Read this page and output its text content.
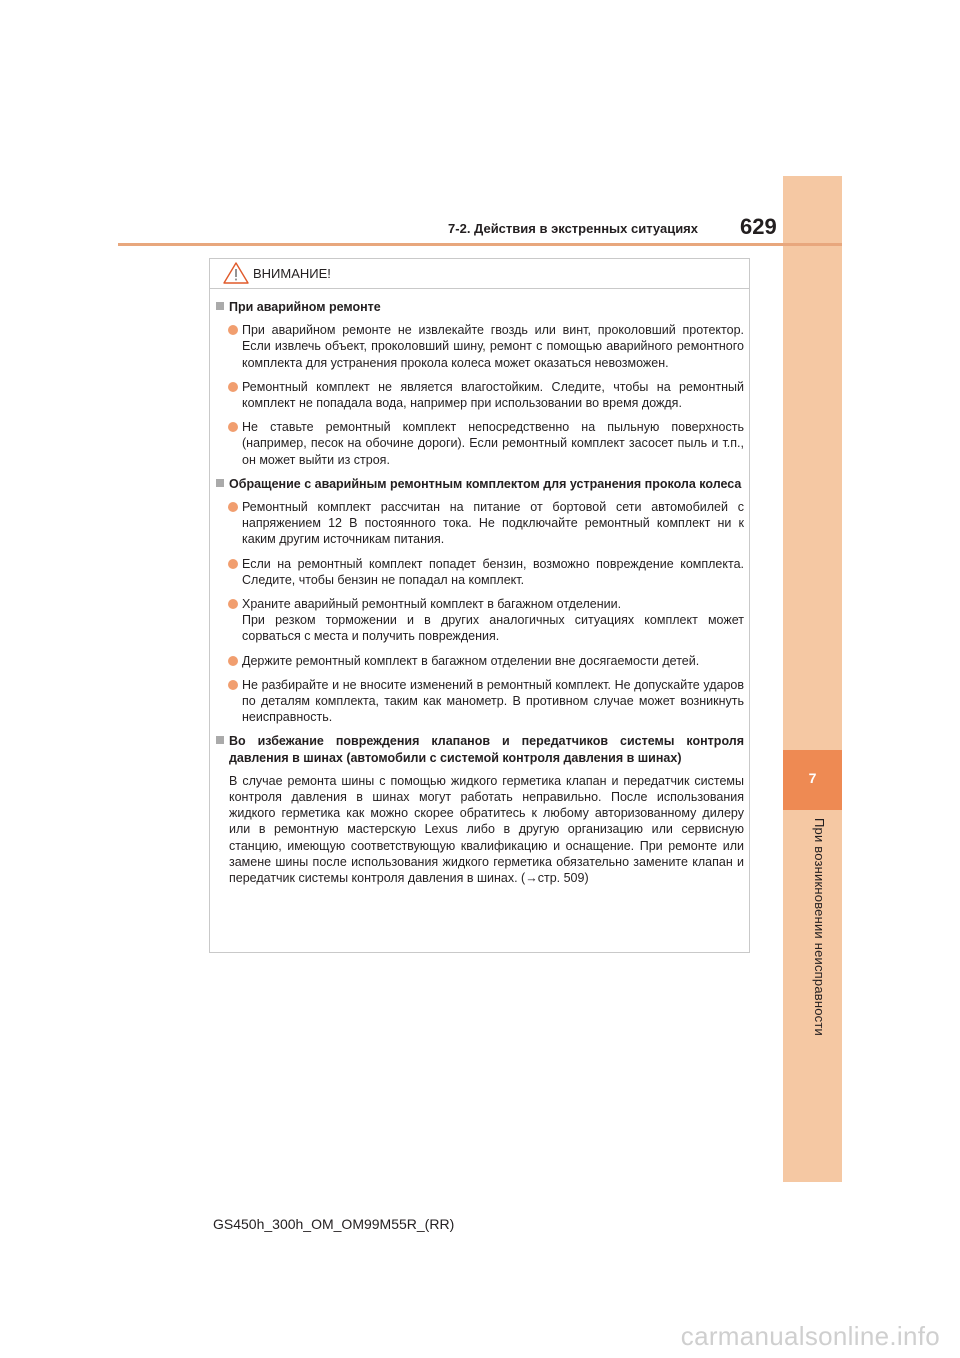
7
При возникновении неисправности
7-2. Действия в экстренных ситуациях 629
ВНИМАНИЕ!
При аварийном ремонте

При аварийном ремонте не извлекайте гвоздь или винт, проколовший протектор. Если извлечь объект, проколовший шину, ремонт с помощью аварийного ремонтного комплекта для устранения прокола колеса может оказаться невозможен.

Ремонтный комплект не является влагостойким. Следите, чтобы на ремонтный комплект не попадала вода, например при использовании во время дождя.

Не ставьте ремонтный комплект непосредственно на пыльную поверхность (например, песок на обочине дороги). Если ремонтный комплект засосет пыль и т.п., он может выйти из строя.

Обращение с аварийным ремонтным комплектом для устранения прокола колеса

Ремонтный комплект рассчитан на питание от бортовой сети автомобилей с напряжением 12 В постоянного тока. Не подключайте ремонтный комплект ни к каким другим источникам питания.

Если на ремонтный комплект попадет бензин, возможно повреждение комплекта. Следите, чтобы бензин не попадал на комплект.

Храните аварийный ремонтный комплект в багажном отделении.

При резком торможении и в других аналогичных ситуациях комплект может сорваться с места и получить повреждения.

Держите ремонтный комплект в багажном отделении вне досягаемости детей.

Не разбирайте и не вносите изменений в ремонтный комплект. Не допускайте ударов по деталям комплекта, таким как манометр. В противном случае может возникнуть неисправность.

Во избежание повреждения клапанов и передатчиков системы контроля давления в шинах (автомобили с системой контроля давления в шинах)

В случае ремонта шины с помощью жидкого герметика клапан и передатчик системы контроля давления в шинах могут работать неправильно. После использования жидкого герметика как можно скорее обратитесь к любому авторизованному дилеру или в ремонтную мастерскую Lexus либо в другую организацию или сервисную станцию, имеющую соответствующую квалификацию и оснащение. При ремонте или замене шины после использования жидкого герметика обязательно замените клапан и передатчик системы контроля давления в шинах. (→стр. 509)

GS450h_300h_OM_OM99M55R_(RR)
carmanualsonline.info
